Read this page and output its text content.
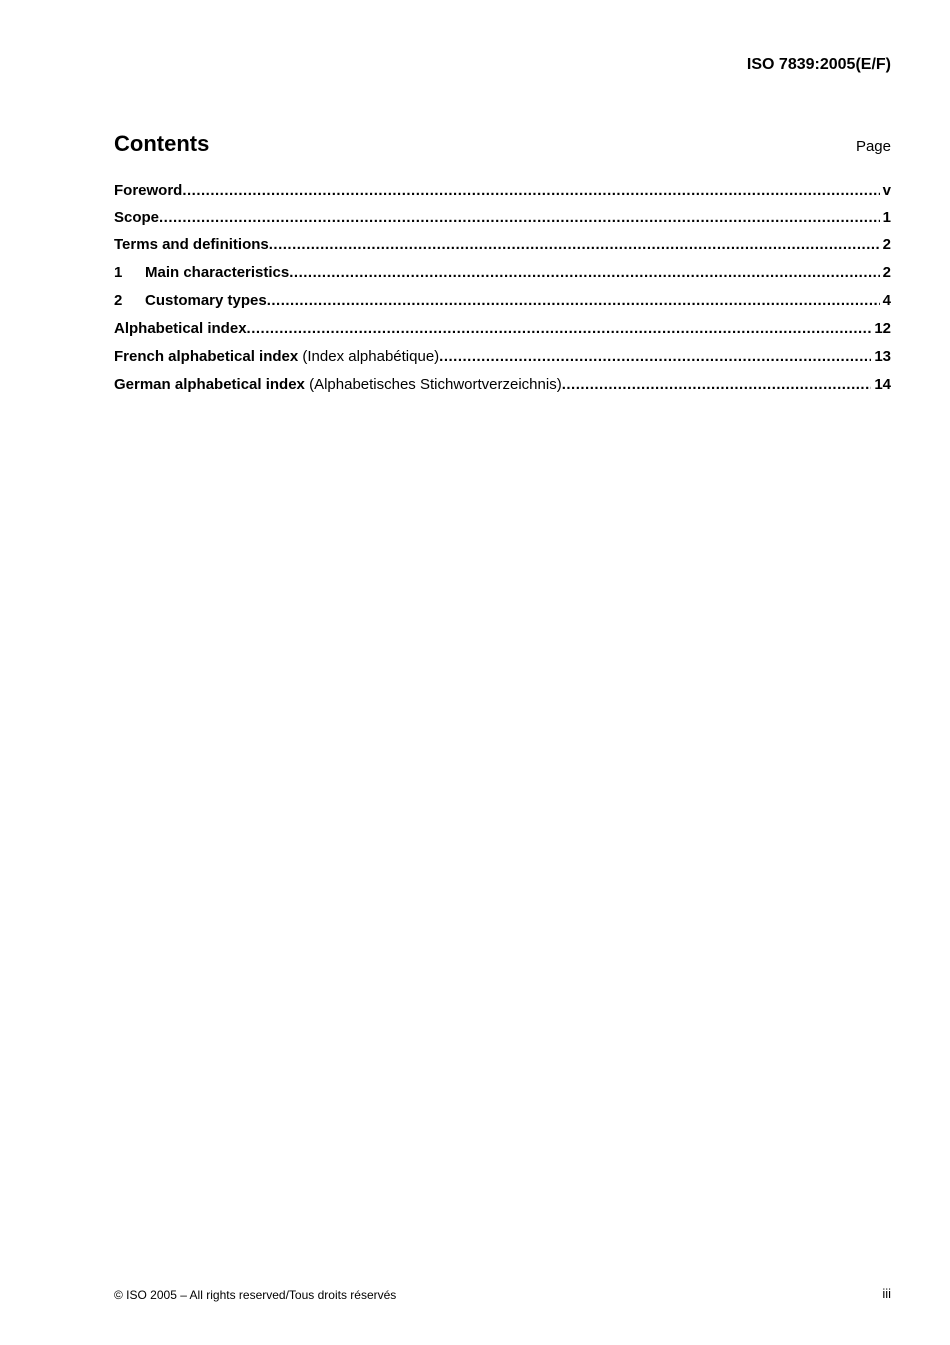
ISO 7839:2005(E/F)
Contents	Page
Foreword .....	v
Scope .....	1
Terms and definitions .....	2
1	Main characteristics .....	2
2	Customary types .....	4
Alphabetical index .....	12
French alphabetical index (Index alphabétique) .....	13
German alphabetical index (Alphabetisches Stichwortverzeichnis) .....	14
© ISO 2005 – All rights reserved/Tous droits réservés	iii
